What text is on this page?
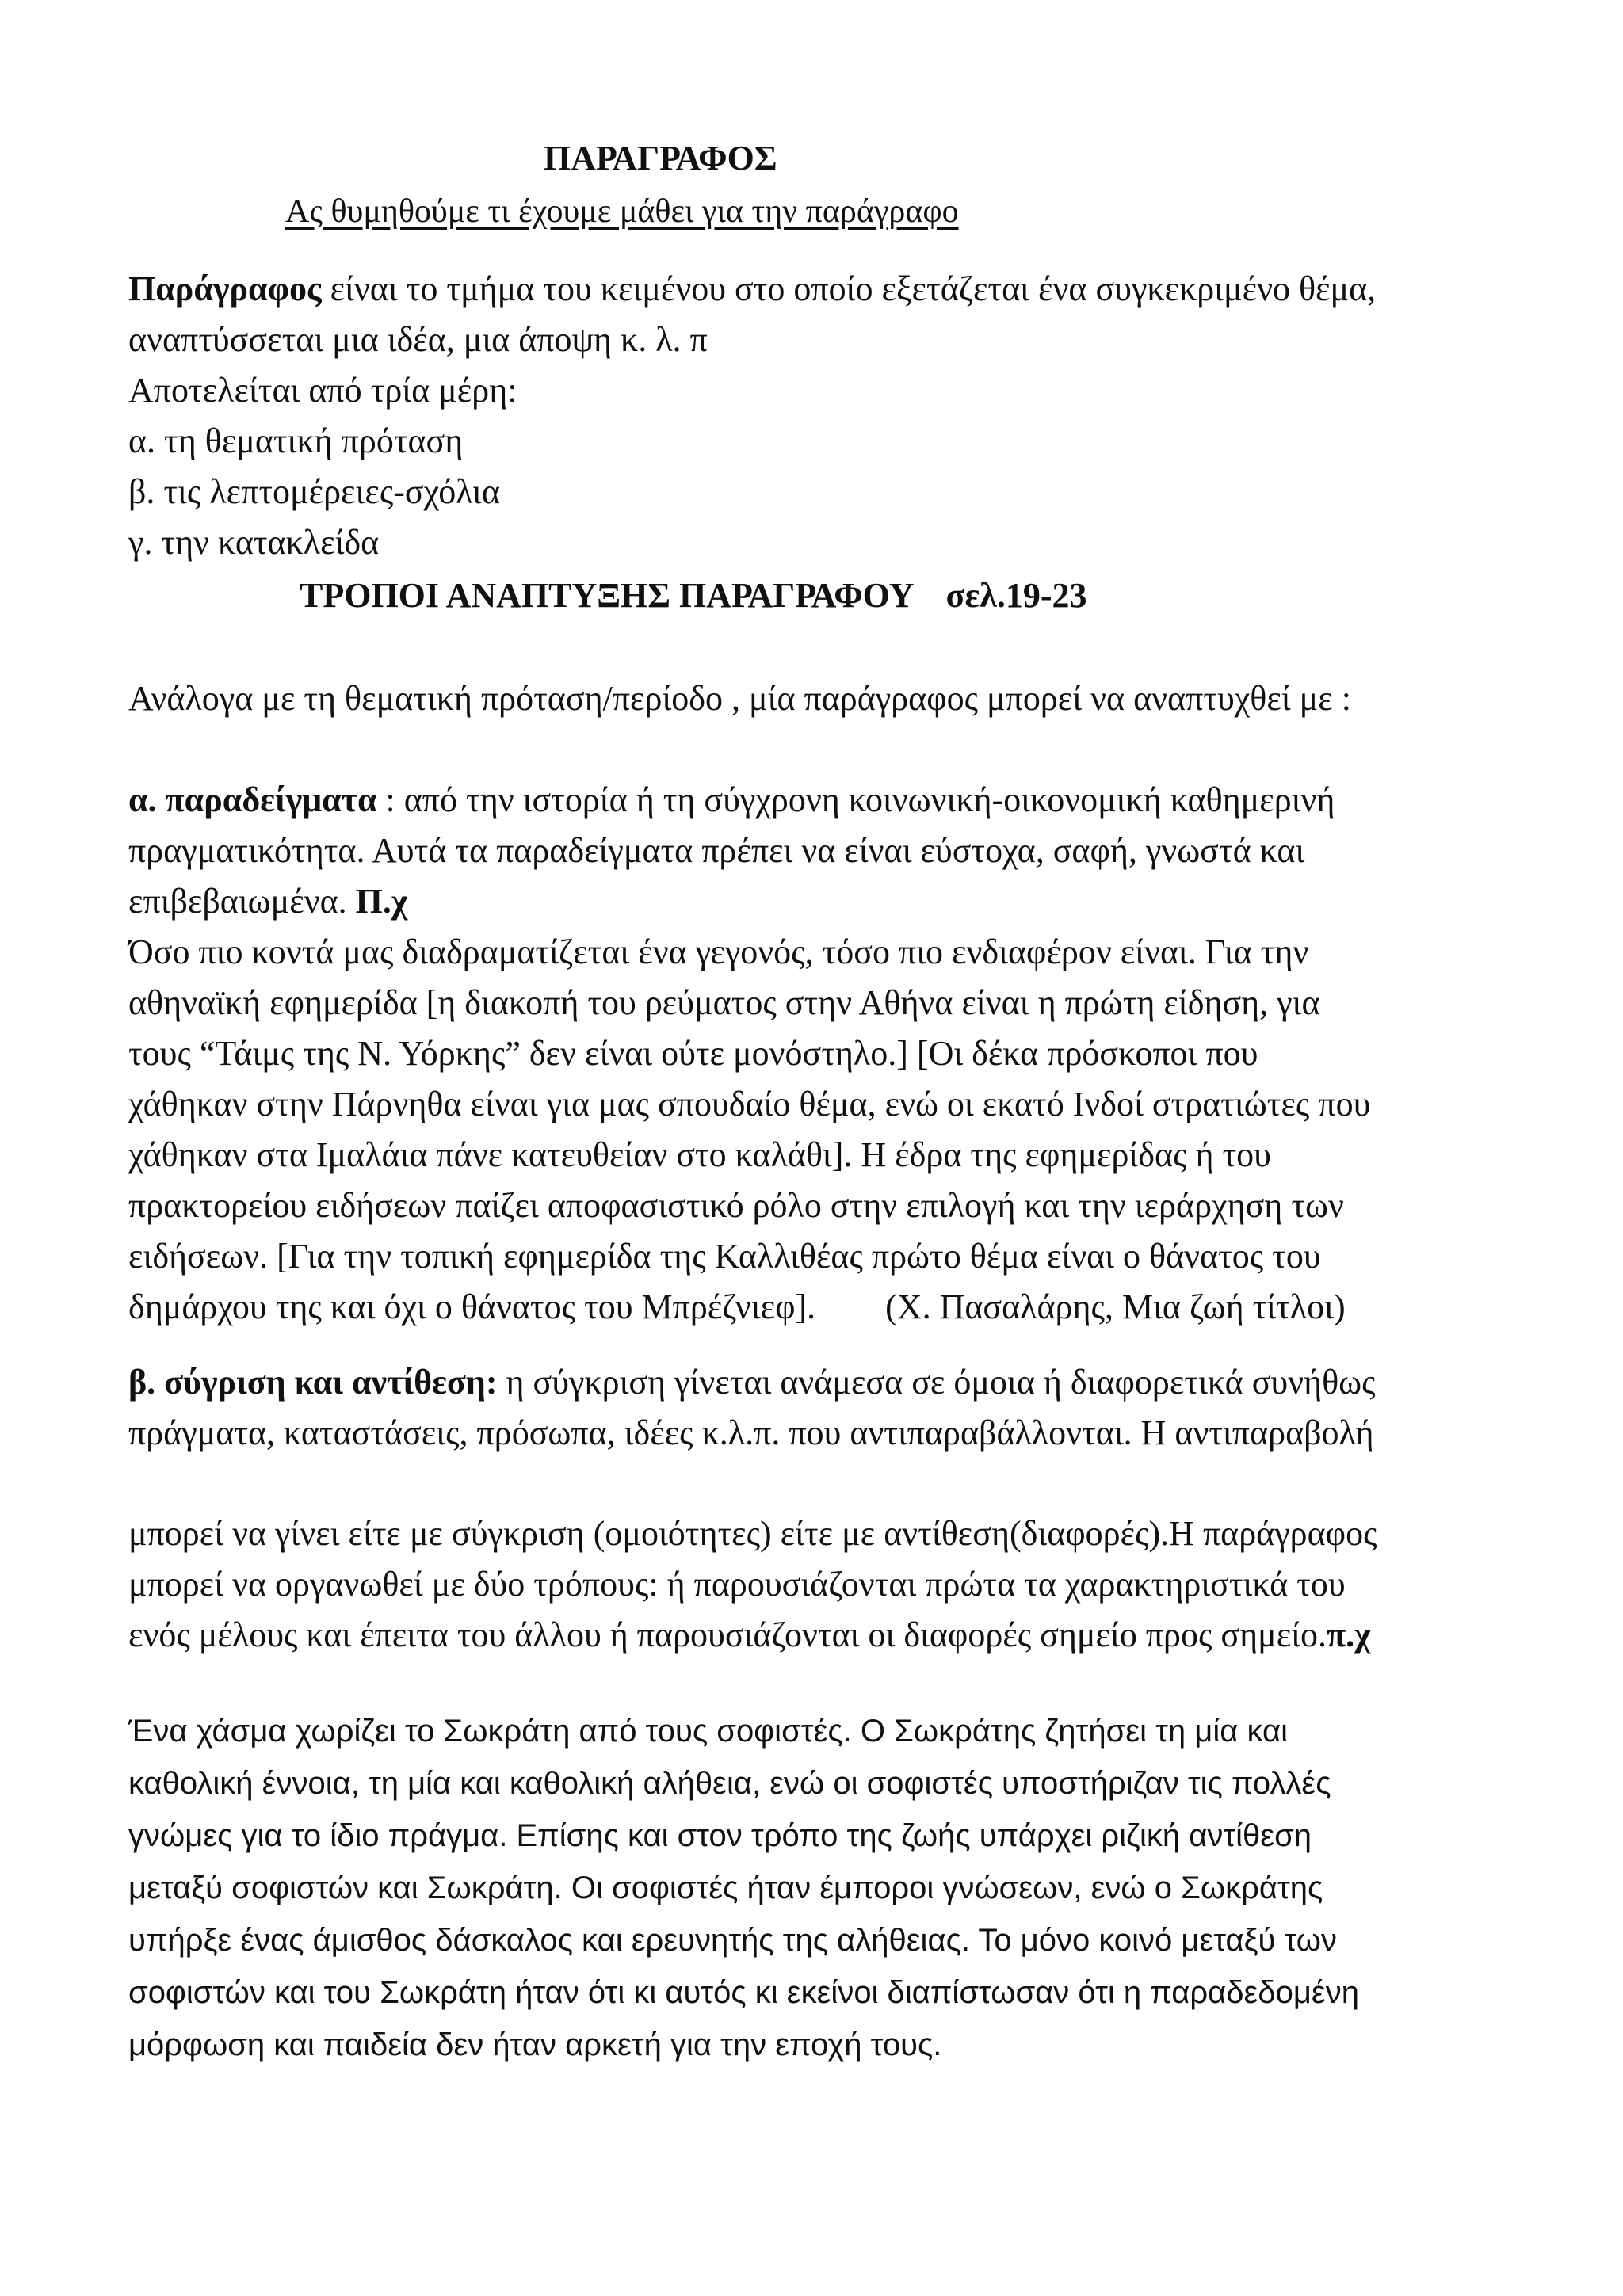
ΠΑΡΑΓΡΑΦΟΣ
Ας θυμηθούμε τι έχουμε μάθει για την παράγραφο
Παράγραφος είναι το τμήμα του κειμένου στο οποίο εξετάζεται ένα συγκεκριμένο θέμα,
αναπτύσσεται μια ιδέα, μια άποψη κ. λ. π
Αποτελείται από τρία μέρη:
α. τη θεματική πρόταση
β. τις λεπτομέρειες-σχόλια
γ. την κατακλείδα
ΤΡΟΠΟΙ ΑΝΑΠΤΥΞΗΣ ΠΑΡΑΓΡΑΦΟΥ σελ.19-23
Ανάλογα με τη θεματική πρόταση/περίοδο , μία παράγραφος μπορεί να αναπτυχθεί με :
α. παραδείγματα : από την ιστορία ή τη σύγχρονη κοινωνική-οικονομική καθημερινή
πραγματικότητα. Αυτά τα παραδείγματα πρέπει να είναι εύστοχα, σαφή, γνωστά και
επιβεβαιωμένα. Π.χ
Όσο πιο κοντά μας διαδραματίζεται ένα γεγονός, τόσο πιο ενδιαφέρον είναι. Για την
αθηναϊκή εφημερίδα [η διακοπή του ρεύματος στην Αθήνα είναι η πρώτη είδηση, για
τους “Τάιμς της Ν. Υόρκης” δεν είναι ούτε μονόστηλο.] [Οι δέκα πρόσκοποι που
χάθηκαν στην Πάρνηθα είναι για μας σπουδαίο θέμα, ενώ οι εκατό Ινδοί στρατιώτες που
χάθηκαν στα Ιμαλάια πάνε κατευθείαν στο καλάθι]. Η έδρα της εφημερίδας ή του
πρακτορείου ειδήσεων παίζει αποφασιστικό ρόλο στην επιλογή και την ιεράρχηση των
ειδήσεων. [Για την τοπική εφημερίδα της Καλλιθέας πρώτο θέμα είναι ο θάνατος του
δημάρχου της και όχι ο θάνατος του Μπρέζνιεφ]. (Χ. Πασαλάρης, Μια ζωή τίτλοι)
β. σύγριση και αντίθεση: η σύγκριση γίνεται ανάμεσα σε όμοια ή διαφορετικά συνήθως
πράγματα, καταστάσεις, πρόσωπα, ιδέες κ.λ.π. που αντιπαραβάλλονται. Η αντιπαραβολή
μπορεί να γίνει είτε με σύγκριση (ομοιότητες) είτε με αντίθεση(διαφορές).Η παράγραφος
μπορεί να οργανωθεί με δύο τρόπους: ή παρουσιάζονται πρώτα τα χαρακτηριστικά του
ενός μέλους και έπειτα του άλλου ή παρουσιάζονται οι διαφορές σημείο προς σημείο.π.χ
Ένα χάσμα χωρίζει το Σωκράτη από τους σοφιστές. Ο Σωκράτης ζητήσει τη μία και
καθολική έννοια, τη μία και καθολική αλήθεια, ενώ οι σοφιστές υποστήριζαν τις πολλές
γνώμες για το ίδιο πράγμα. Επίσης και στον τρόπο της ζωής υπάρχει ριζική αντίθεση
μεταξύ σοφιστών και Σωκράτη. Οι σοφιστές ήταν έμποροι γνώσεων, ενώ ο Σωκράτης
υπήρξε ένας άμισθος δάσκαλος και ερευνητής της αλήθειας. Το μόνο κοινό μεταξύ των
σοφιστών και του Σωκράτη ήταν ότι κι αυτός κι εκείνοι διαπίστωσαν ότι η παραδεδομένη
μόρφωση και παιδεία δεν ήταν αρκετή για την εποχή τους.
